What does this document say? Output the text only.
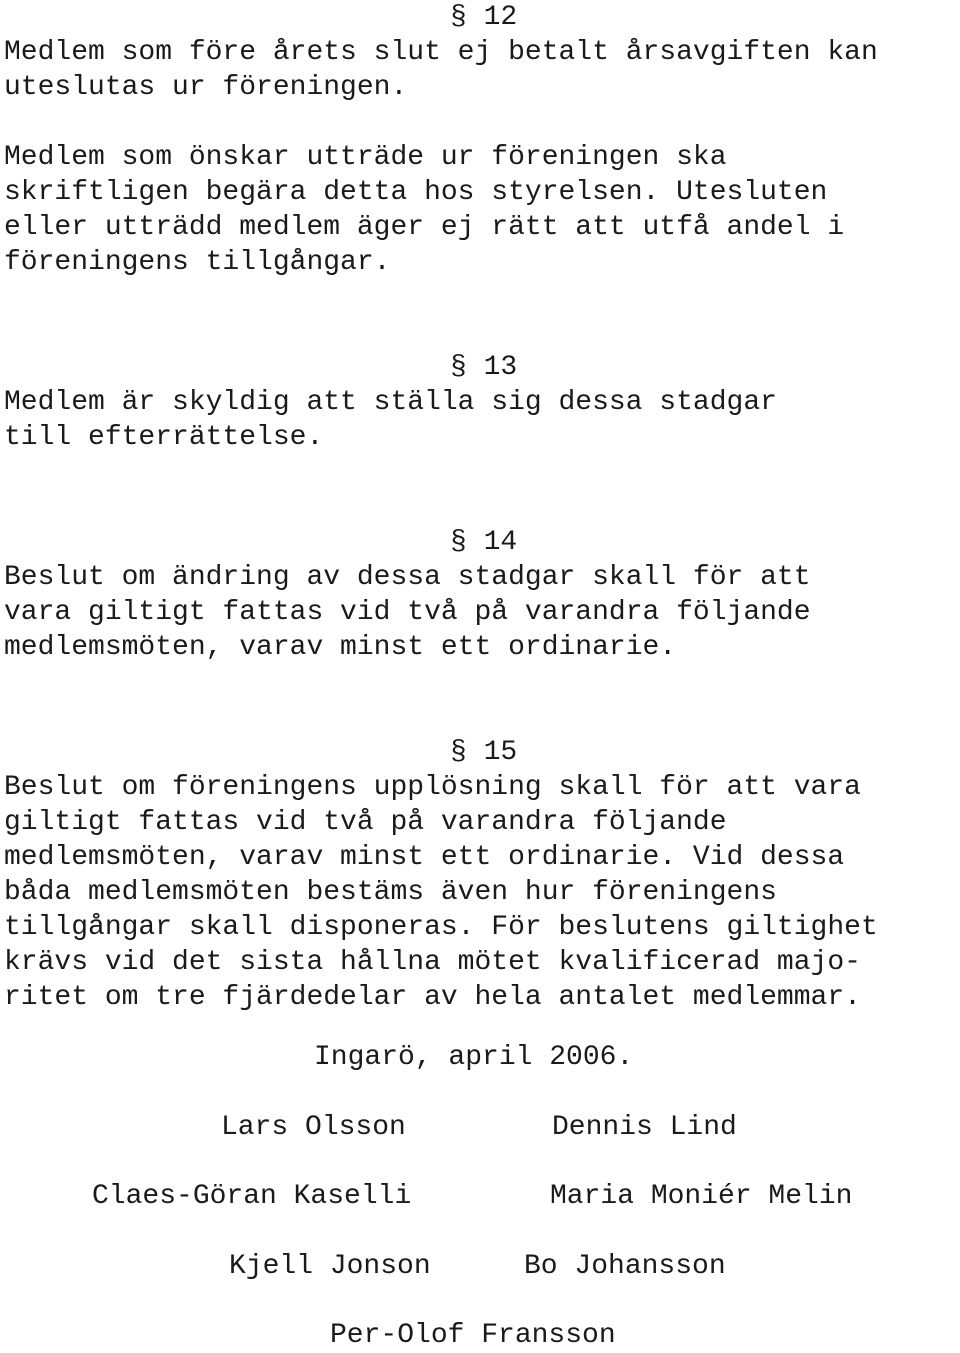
§ 12
Medlem som före årets slut ej betalt årsavgiften kan
uteslutas ur föreningen.
Medlem som önskar utträde ur föreningen ska
skriftligen begära detta hos styrelsen. Utesluten
eller utträdd medlem äger ej rätt att utfå andel i
föreningens tillgångar.
§ 13
Medlem är skyldig att ställa sig dessa stadgar
till efterrättelse.
§ 14
Beslut om ändring av dessa stadgar skall för att
vara giltigt fattas vid två på varandra följande
medlemsmöten, varav minst ett ordinarie.
§ 15
Beslut om föreningens upplösning skall för att vara
giltigt fattas vid två på varandra följande
medlemsmöten, varav minst ett ordinarie. Vid dessa
båda medlemsmöten bestäms även hur föreningens
tillgångar skall disponeras. För beslutens giltighet
krävs vid det sista hållna mötet kvalificerad majo-
ritet om tre fjärdedelar av hela antalet medlemmar.
Ingarö, april 2006.
Lars Olsson	Dennis Lind
Claes-Göran Kaselli	Maria Moniér Melin
Kjell Jonson	Bo Johansson
Per-Olof Fransson
